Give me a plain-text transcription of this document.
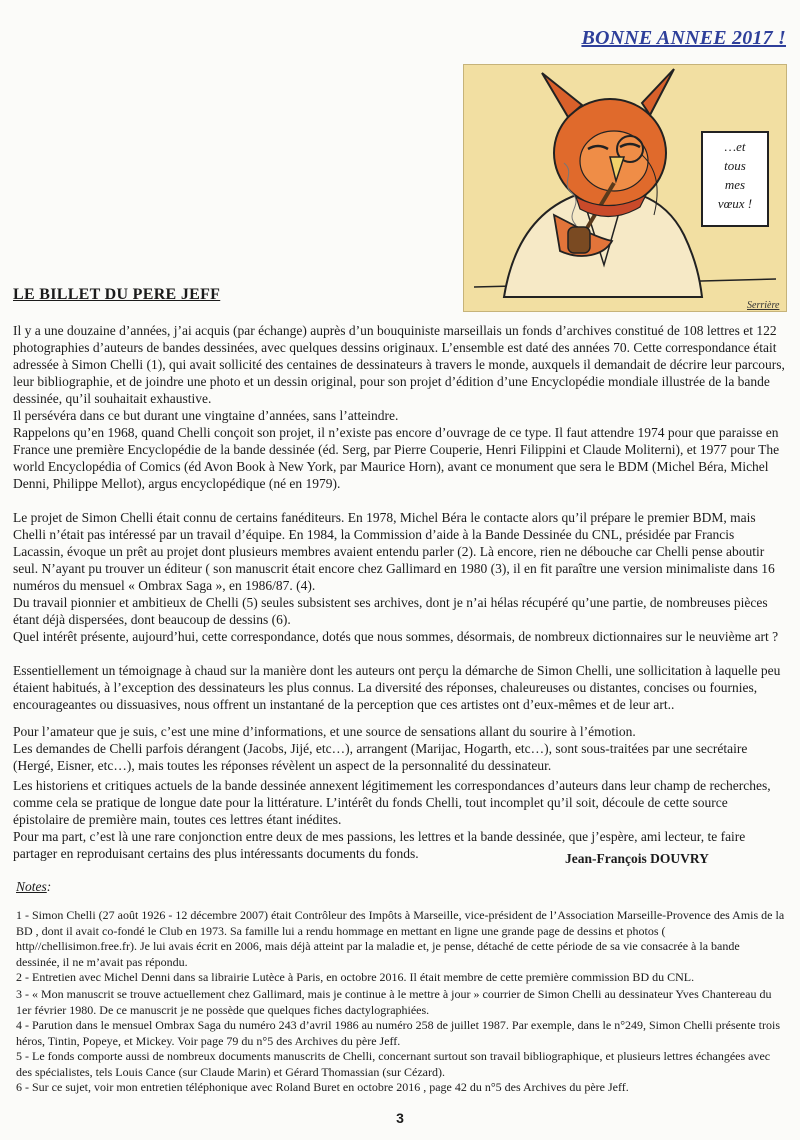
BONNE ANNEE 2017 !
…et
tous
mes
vœux !
Serrière
LE BILLET DU PERE JEFF

Il y a une douzaine d’années, j’ai acquis (par échange) auprès d’un bouquiniste marseillais un fonds d’archives constitué de 108 lettres et 122 photographies d’auteurs de bandes dessinées, avec quelques dessins originaux. L’ensemble est daté des années 70. Cette correspondance était adressée à Simon Chelli (1), qui avait sollicité des centaines de dessinateurs à travers le monde, auxquels il demandait de décrire leur parcours, leur bibliographie, et de joindre une photo et un dessin original, pour son projet d’édition d’une Encyclopédie mondiale illustrée de la bande dessinée, qu’il souhaitait exhaustive.

Il persévéra dans ce but durant une vingtaine d’années, sans l’atteindre.

Rappelons qu’en 1968, quand Chelli conçoit son projet, il n’existe pas encore d’ouvrage de ce type. Il faut attendre 1974 pour que paraisse en France une première Encyclopédie de la bande dessinée (éd. Serg, par Pierre Couperie, Henri Filippini et Claude Moliterni), et 1977 pour The world Encyclopédia of Comics (éd Avon Book à New York, par Maurice Horn), avant ce monument que sera le BDM (Michel Béra, Michel Denni, Philippe Mellot), argus encyclopédique (né en 1979).

Le projet de Simon Chelli était connu de certains fanéditeurs. En 1978, Michel Béra le contacte alors qu’il prépare le premier BDM, mais Chelli n’était pas intéressé par un travail d’équipe. En 1984, la Commission d’aide à la Bande Dessinée du CNL, présidée par Francis Lacassin, évoque un prêt au projet dont plusieurs membres avaient entendu parler (2). Là encore, rien ne débouche car Chelli pense aboutir seul. N’ayant pu trouver un éditeur ( son manuscrit était encore chez Gallimard en 1980 (3), il en fit paraître une version minimaliste dans 16 numéros du mensuel « Ombrax Saga », en 1986/87. (4).

Du travail pionnier et ambitieux de Chelli (5) seules subsistent ses archives, dont je n’ai hélas récupéré qu’une partie, de nombreuses pièces étant déjà dispersées, dont beaucoup de dessins (6).

Quel intérêt présente, aujourd’hui, cette correspondance, dotés que nous sommes, désormais, de nombreux dictionnaires sur le neuvième art ?

Essentiellement un témoignage à chaud sur la manière dont les auteurs ont perçu la démarche de Simon Chelli, une sollicitation à laquelle peu étaient habitués, à l’exception des dessinateurs les plus connus. La diversité des réponses, chaleureuses ou distantes, concises ou fournies, encourageantes ou dissuasives, nous offrent un instantané de la perception que ces artistes ont d’eux-mêmes et de leur art..

Pour l’amateur que je suis, c’est une mine d’informations, et une source de sensations allant du sourire à l’émotion.

Les demandes de Chelli parfois dérangent (Jacobs, Jijé, etc…), arrangent (Marijac, Hogarth, etc…), sont sous-traitées par une secrétaire (Hergé, Eisner, etc…), mais toutes les réponses révèlent un aspect de la personnalité du dessinateur.

Les historiens et critiques actuels de la bande dessinée annexent légitimement les correspondances d’auteurs dans leur champ de recherches, comme cela se pratique de longue date pour la littérature. L’intérêt du fonds Chelli, tout incomplet qu’il soit, découle de cette source épistolaire de première main, toutes ces lettres étant inédites.

Pour ma part, c’est là une rare conjonction entre deux de mes passions, les lettres et la bande dessinée, que j’espère, ami lecteur, te faire partager en reproduisant certains des plus intéressants documents du fonds.	Jean-François DOUVRY
Notes:

1 - Simon Chelli (27 août 1926 - 12 décembre 2007) était Contrôleur des Impôts à Marseille, vice-président de l’Association Marseille-Provence des Amis de la BD , dont il avait co-fondé le Club en 1973. Sa famille lui a rendu hommage en mettant en ligne une grande page de dessins et photos ( http//chellisimon.free.fr). Je lui avais écrit en 2006, mais déjà atteint par la maladie et, je pense, détaché de cette période de sa vie consacrée à la bande dessinée, il ne m’avait pas répondu.

2 - Entretien avec Michel Denni dans sa librairie Lutèce à Paris, en octobre 2016. Il était membre de cette première commission BD du CNL.

3 - « Mon manuscrit se trouve actuellement chez Gallimard, mais je continue à le mettre à jour » courrier de Simon Chelli au dessinateur Yves Chantereau du 1er février 1980. De ce manuscrit je ne possède que quelques fiches dactylographiées.

4 - Parution dans le mensuel Ombrax Saga du numéro 243 d’avril 1986 au numéro 258 de juillet 1987. Par exemple, dans le n°249, Simon Chelli présente trois héros, Tintin, Popeye, et Mickey. Voir page 79 du n°5 des Archives du père Jeff.

5 - Le fonds comporte aussi de nombreux documents manuscrits de Chelli, concernant surtout son travail bibliographique, et plusieurs lettres échangées avec des spécialistes, tels Louis Cance (sur Claude Marin) et Gérard Thomassian (sur Cézard).

6 - Sur ce sujet, voir mon entretien téléphonique avec Roland Buret en octobre 2016 , page 42 du n°5 des Archives du père Jeff.

3
